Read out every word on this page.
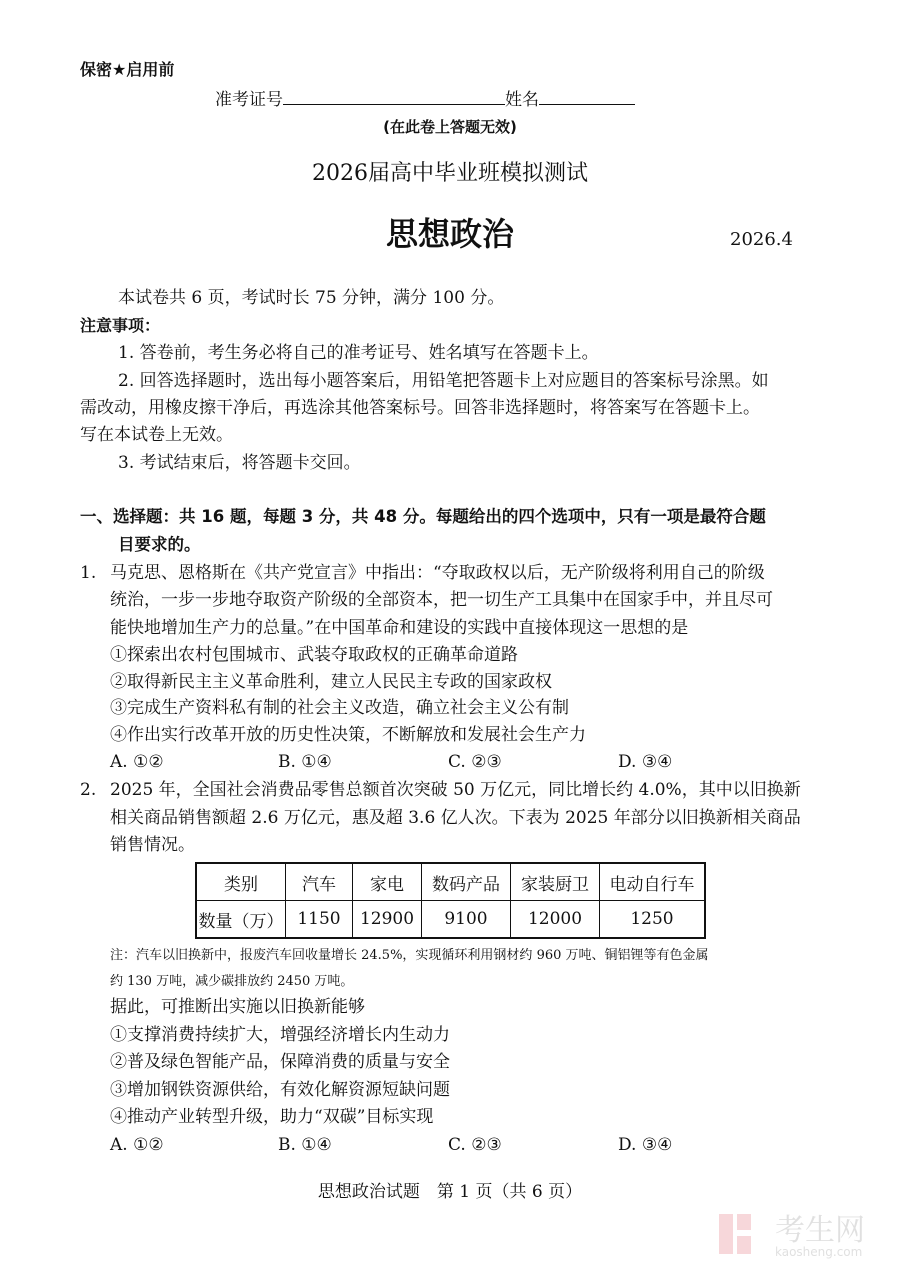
保密★启用前
准考证号	姓名
(在此卷上答题无效)
2026届高中毕业班模拟测试
思想政治	2026.4
本试卷共 6 页，考试时长 75 分钟，满分 100 分。
注意事项：
1. 答卷前，考生务必将自己的准考证号、姓名填写在答题卡上。
2. 回答选择题时，选出每小题答案后，用铅笔把答题卡上对应题目的答案标号涂黑。如
需改动，用橡皮擦干净后，再选涂其他答案标号。回答非选择题时，将答案写在答题卡上。
写在本试卷上无效。
3. 考试结束后，将答题卡交回。
一、选择题：共 16 题，每题 3 分，共 48 分。每题给出的四个选项中，只有一项是最符合题
目要求的。
1. 马克思、恩格斯在《共产党宣言》中指出：“夺取政权以后，无产阶级将利用自己的阶级
统治，一步一步地夺取资产阶级的全部资本，把一切生产工具集中在国家手中，并且尽可
能快地增加生产力的总量。”在中国革命和建设的实践中直接体现这一思想的是
①探索出农村包围城市、武装夺取政权的正确革命道路
②取得新民主主义革命胜利，建立人民民主专政的国家政权
③完成生产资料私有制的社会主义改造，确立社会主义公有制
④作出实行改革开放的历史性决策，不断解放和发展社会生产力
A. ①②	B. ①④	C. ②③	D. ③④
2. 2025 年，全国社会消费品零售总额首次突破 50 万亿元，同比增长约 4.0%，其中以旧换新
相关商品销售额超 2.6 万亿元，惠及超 3.6 亿人次。下表为 2025 年部分以旧换新相关商品
销售情况。
类别	汽车	家电	数码产品	家装厨卫	电动自行车
数量（万）	1150	12900	9100	12000	1250
注：汽车以旧换新中，报废汽车回收量增长 24.5%，实现循环利用钢材约 960 万吨、铜铝锂等有色金属
约 130 万吨，减少碳排放约 2450 万吨。
据此，可推断出实施以旧换新能够
①支撑消费持续扩大，增强经济增长内生动力
②普及绿色智能产品，保障消费的质量与安全
③增加钢铁资源供给，有效化解资源短缺问题
④推动产业转型升级，助力“双碳”目标实现
A. ①②	B. ①④	C. ②③	D. ③④
思想政治试题　第 1 页（共 6 页）
考生网
kaosheng.com
